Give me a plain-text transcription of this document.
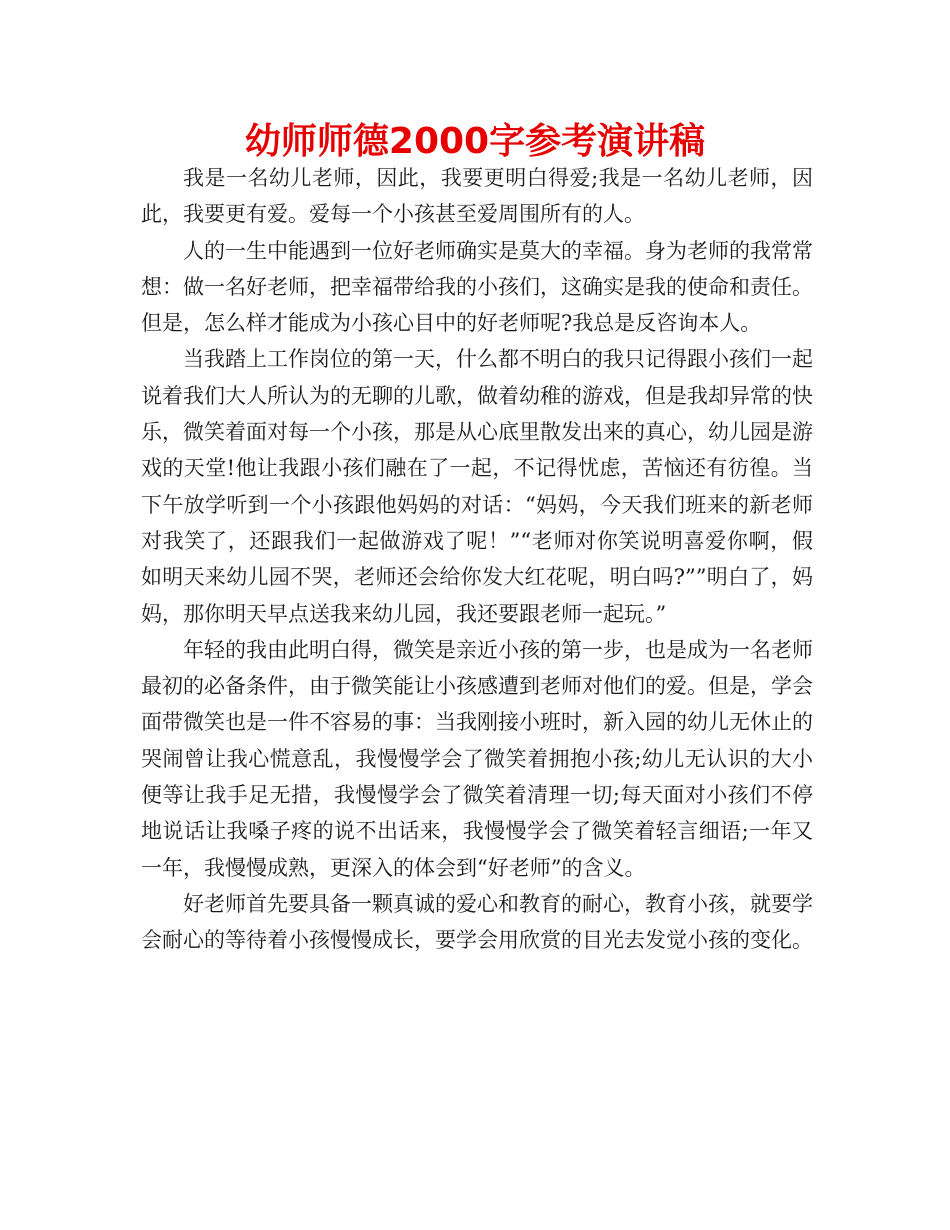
幼师师德2000字参考演讲稿

我是一名幼儿老师，因此，我要更明白得爱;我是一名幼儿老师，因此，我要更有爱。爱每一个小孩甚至爱周围所有的人。

人的一生中能遇到一位好老师确实是莫大的幸福。身为老师的我常常想：做一名好老师，把幸福带给我的小孩们，这确实是我的使命和责任。但是，怎么样才能成为小孩心目中的好老师呢?我总是反咨询本人。

当我踏上工作岗位的第一天，什么都不明白的我只记得跟小孩们一起说着我们大人所认为的无聊的儿歌，做着幼稚的游戏，但是我却异常的快乐，微笑着面对每一个小孩，那是从心底里散发出来的真心，幼儿园是游戏的天堂!他让我跟小孩们融在了一起，不记得忧虑，苦恼还有彷徨。当下午放学听到一个小孩跟他妈妈的对话：“妈妈，今天我们班来的新老师对我笑了，还跟我们一起做游戏了呢！”“老师对你笑说明喜爱你啊，假如明天来幼儿园不哭，老师还会给你发大红花呢，明白吗?””明白了，妈妈，那你明天早点送我来幼儿园，我还要跟老师一起玩。”

年轻的我由此明白得，微笑是亲近小孩的第一步，也是成为一名老师最初的必备条件，由于微笑能让小孩感遭到老师对他们的爱。但是，学会面带微笑也是一件不容易的事：当我刚接小班时，新入园的幼儿无休止的哭闹曾让我心慌意乱，我慢慢学会了微笑着拥抱小孩;幼儿无认识的大小便等让我手足无措，我慢慢学会了微笑着清理一切;每天面对小孩们不停地说话让我嗓子疼的说不出话来，我慢慢学会了微笑着轻言细语;一年又一年，我慢慢成熟，更深入的体会到“好老师”的含义。

好老师首先要具备一颗真诚的爱心和教育的耐心，教育小孩，就要学会耐心的等待着小孩慢慢成长，要学会用欣赏的目光去发觉小孩的变化。
